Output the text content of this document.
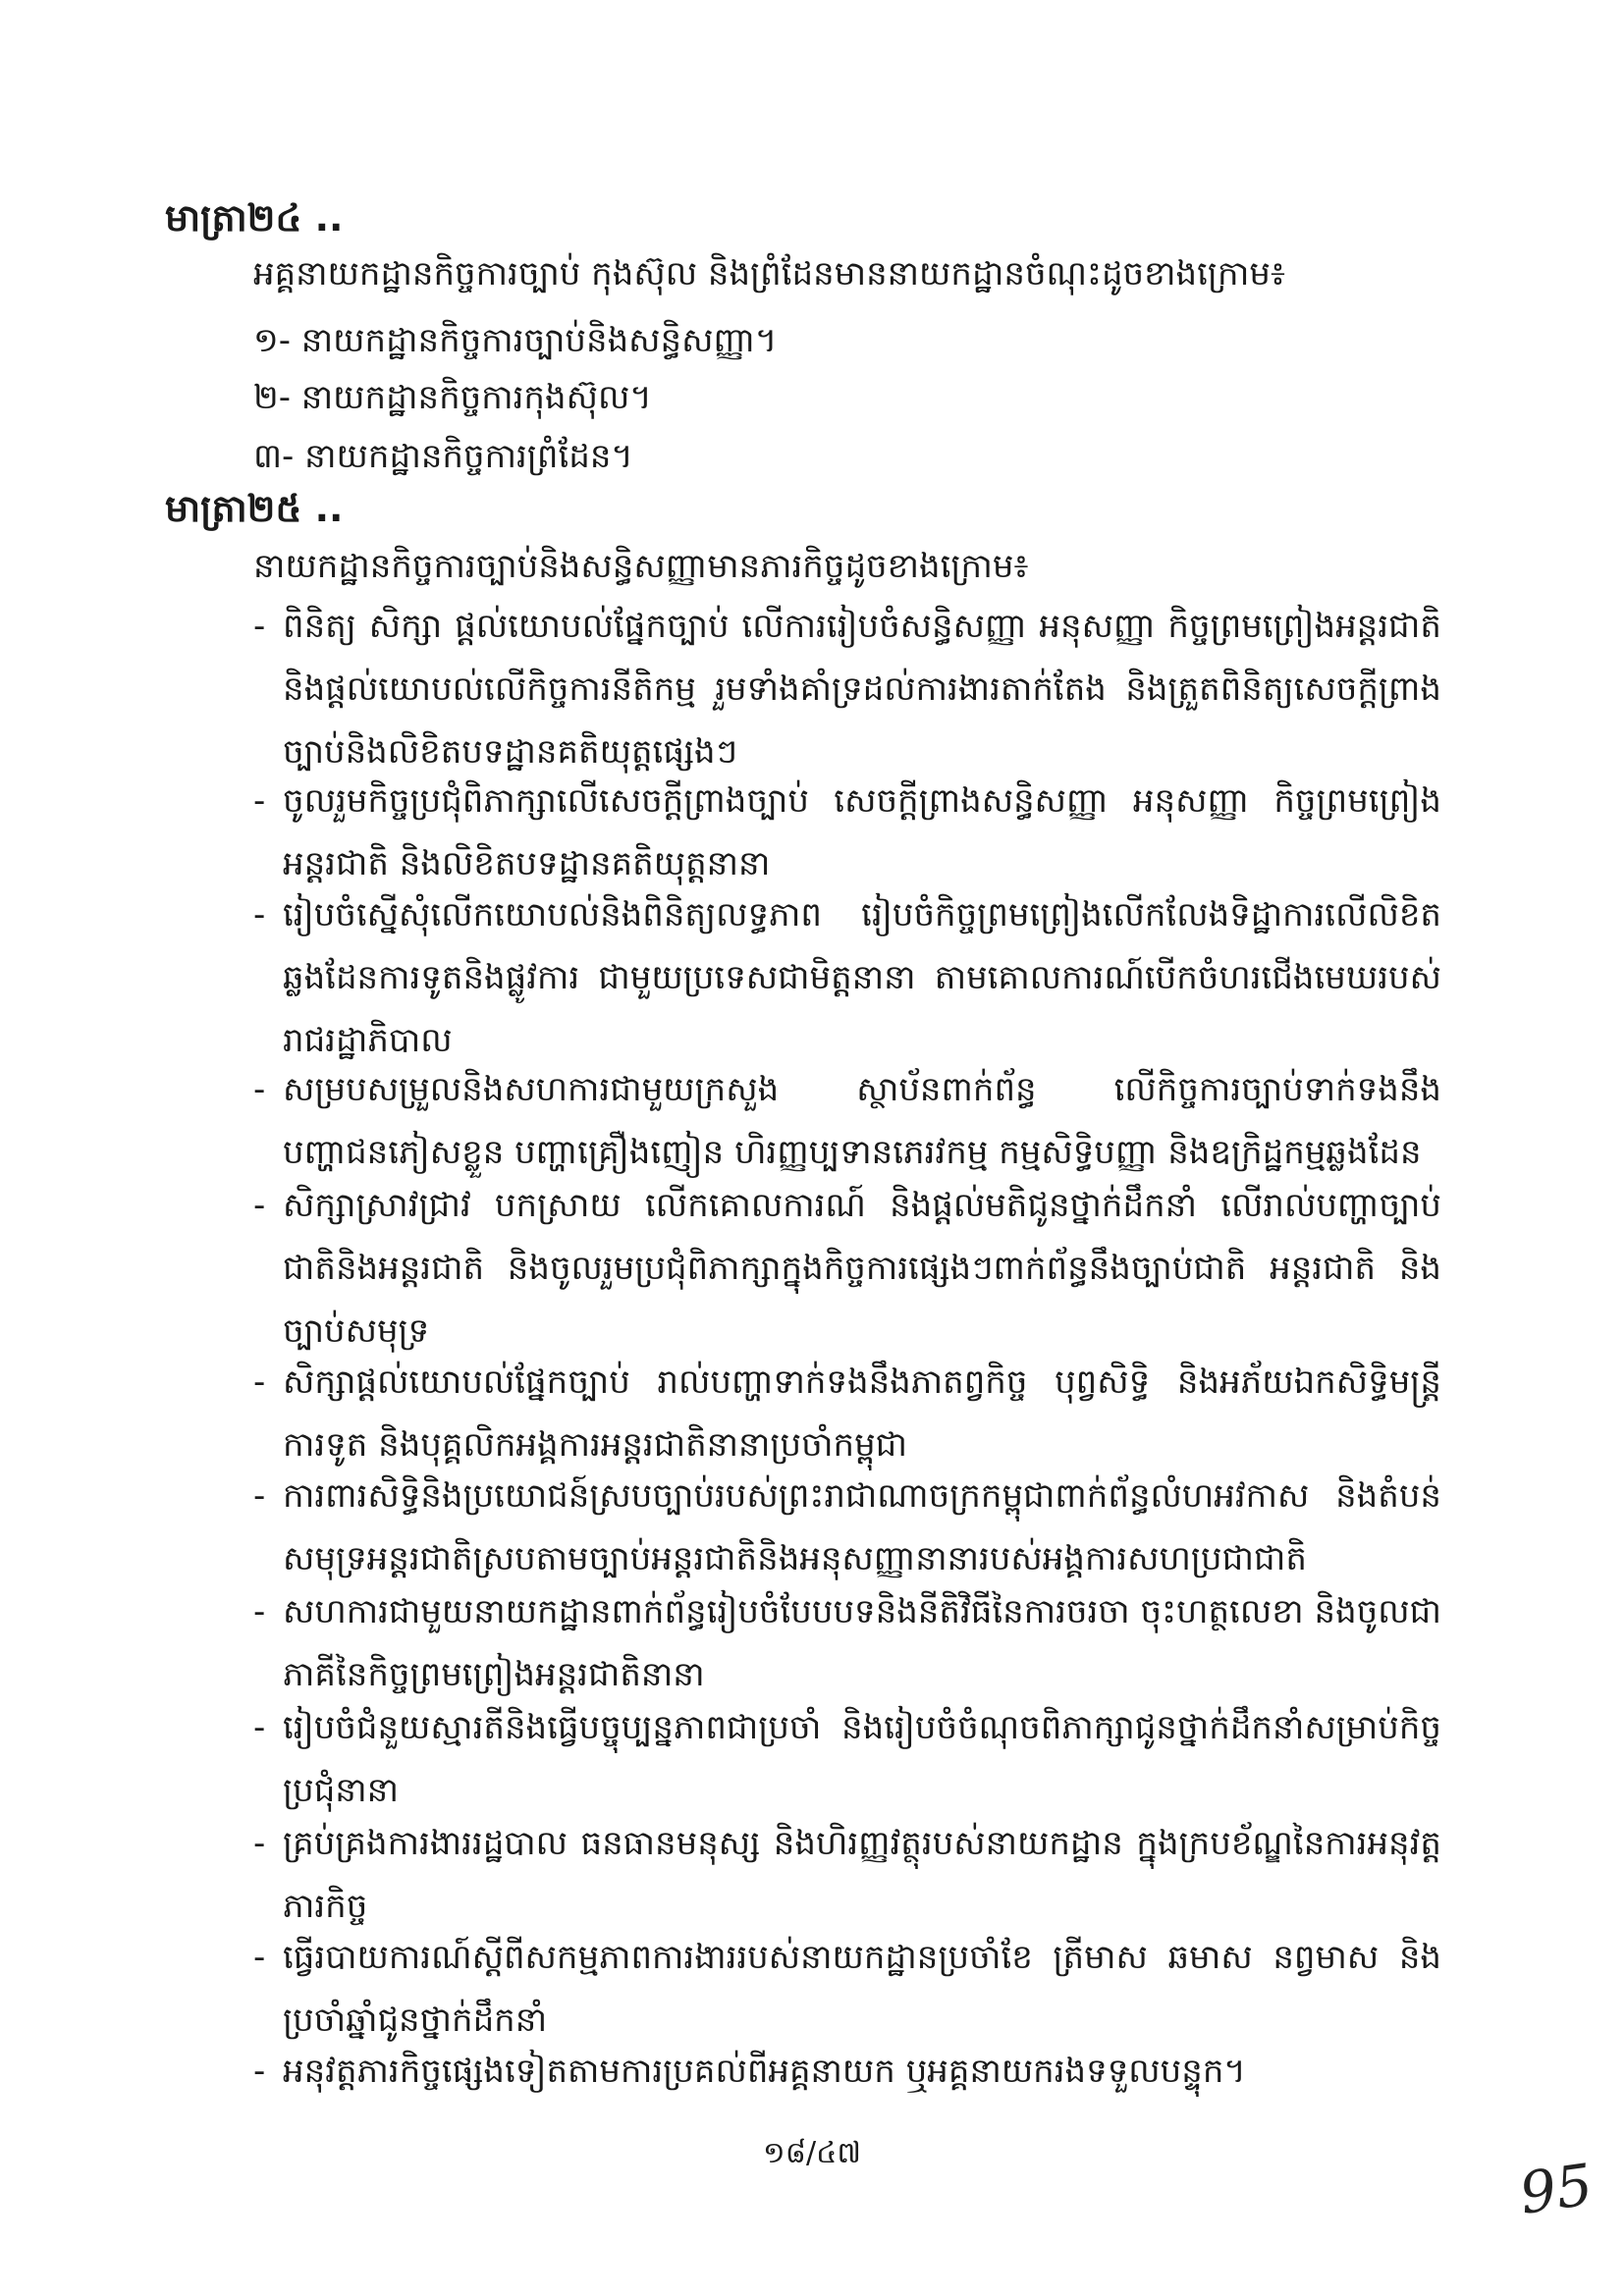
មាត្រា២៤ ..
អគ្គនាយកដ្ឋានកិច្ចការច្បាប់ កុងស៊ុល និងព្រំដែនមាននាយកដ្ឋានចំណុះដូចខាងក្រោម៖
១- នាយកដ្ឋានកិច្ចការច្បាប់និងសន្ធិសញ្ញា។
២- នាយកដ្ឋានកិច្ចការកុងស៊ុល។
៣- នាយកដ្ឋានកិច្ចការព្រំដែន។
មាត្រា២៥ ..
នាយកដ្ឋានកិច្ចការច្បាប់និងសន្ធិសញ្ញាមានភារកិច្ចដូចខាងក្រោម៖
- ពិនិត្យ សិក្សា ផ្តល់យោបល់ផ្នែកច្បាប់ លើការរៀបចំសន្ធិសញ្ញា អនុសញ្ញា កិច្ចព្រមព្រៀងអន្តរជាតិ និងផ្តល់យោបល់លើកិច្ចការនីតិកម្ម រួមទាំងគាំទ្រដល់ការងារតាក់តែង និងត្រួតពិនិត្យសេចក្តីព្រាងច្បាប់និងលិខិតបទដ្ឋានគតិយុត្តផ្សេងៗ
- ចូលរួមកិច្ចប្រជុំពិភាក្សាលើសេចក្តីព្រាងច្បាប់ សេចក្តីព្រាងសន្ធិសញ្ញា អនុសញ្ញា កិច្ចព្រមព្រៀងអន្តរជាតិ និងលិខិតបទដ្ឋានគតិយុត្តនានា
- រៀបចំស្នើសុំលើកយោបល់និងពិនិត្យលទ្ធភាព រៀបចំកិច្ចព្រមព្រៀងលើកលែងទិដ្ឋាការលើលិខិតឆ្លងដែនការទូតនិងផ្លូវការ ជាមួយប្រទេសជាមិត្តនានា តាមគោលការណ៍បើកចំហរជើងមេឃរបស់រាជរដ្ឋាភិបាល
- សម្របសម្រួលនិងសហការជាមួយក្រសួង ស្ថាប័នពាក់ព័ន្ធ លើកិច្ចការច្បាប់ទាក់ទងនឹងបញ្ហាជនភៀសខ្លួន បញ្ហាគ្រឿងញៀន ហិរញ្ញប្បទានភេរវកម្ម កម្មសិទ្ធិបញ្ញា និងឧក្រិដ្ឋកម្មឆ្លងដែន
- សិក្សាស្រាវជ្រាវ បកស្រាយ លើកគោលការណ៍ និងផ្តល់មតិជូនថ្នាក់ដឹកនាំ លើរាល់បញ្ហាច្បាប់ជាតិនិងអន្តរជាតិ និងចូលរួមប្រជុំពិភាក្សាក្នុងកិច្ចការផ្សេងៗពាក់ព័ន្ធនឹងច្បាប់ជាតិ អន្តរជាតិ និងច្បាប់សមុទ្រ
- សិក្សាផ្តល់យោបល់ផ្នែកច្បាប់ រាល់បញ្ហាទាក់ទងនឹងភាតព្វកិច្ច បុព្វសិទ្ធិ និងអភ័យឯកសិទ្ធិមន្ត្រីការទូត និងបុគ្គលិកអង្គការអន្តរជាតិនានាប្រចាំកម្ពុជា
- ការពារសិទ្ធិនិងប្រយោជន៍ស្របច្បាប់របស់ព្រះរាជាណាចក្រកម្ពុជាពាក់ព័ន្ធលំហអវកាស និងតំបន់សមុទ្រអន្តរជាតិស្របតាមច្បាប់អន្តរជាតិនិងអនុសញ្ញានានារបស់អង្គការសហប្រជាជាតិ
- សហការជាមួយនាយកដ្ឋានពាក់ព័ន្ធរៀបចំបែបបទនិងនីតិវិធីនៃការចរចា ចុះហត្ថលេខា និងចូលជាភាគីនៃកិច្ចព្រមព្រៀងអន្តរជាតិនានា
- រៀបចំជំនួយស្មារតីនិងធ្វើបច្ចុប្បន្នភាពជាប្រចាំ និងរៀបចំចំណុចពិភាក្សាជូនថ្នាក់ដឹកនាំសម្រាប់កិច្ចប្រជុំនានា
- គ្រប់គ្រងការងាររដ្ឋបាល ធនធានមនុស្ស និងហិរញ្ញវត្ថុរបស់នាយកដ្ឋាន ក្នុងក្របខ័ណ្ឌនៃការអនុវត្តភារកិច្ច
- ធ្វើរបាយការណ៍ស្តីពីសកម្មភាពការងាររបស់នាយកដ្ឋានប្រចាំខែ ត្រីមាស ឆមាស នព្វមាស និងប្រចាំឆ្នាំជូនថ្នាក់ដឹកនាំ
- អនុវត្តភារកិច្ចផ្សេងទៀតតាមការប្រគល់ពីអគ្គនាយក ឬអគ្គនាយករងទទួលបន្ទុក។
១៨/៤៧	95
